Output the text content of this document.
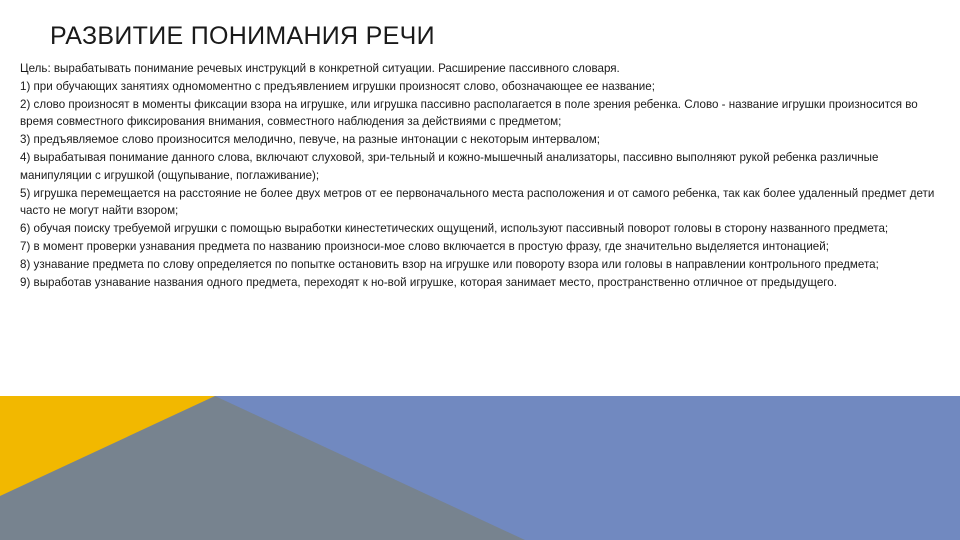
РАЗВИТИЕ ПОНИМАНИЯ РЕЧИ

Цель: вырабатывать понимание речевых инструкций в конкретной ситуации. Расширение пассивного словаря.

1) при обучающих занятиях одномоментно с предъявлением игрушки произносят слово, обозначающее ее название;

2) слово произносят в моменты фиксации взора на игрушке, или игрушка пассивно располагается в поле зрения ребенка. Слово - название игрушки произносится во время совместного фиксирования внимания, совместного наблюдения за действиями с предметом;

3) предъявляемое слово произносится мелодично, певуче, на разные интонации с некоторым интервалом;

4) вырабатывая понимание данного слова, включают слуховой, зри-тельный и кожно-мышечный анализаторы, пассивно выполняют рукой ребенка различные манипуляции с игрушкой (ощупывание, поглаживание);

5) игрушка перемещается на расстояние не более двух метров от ее первоначального места расположения и от самого ребенка, так как более удаленный предмет дети часто не могут найти взором;

6) обучая поиску требуемой игрушки с помощью выработки кинестетических ощущений, используют пассивный поворот головы в сторону названного предмета;

7) в момент проверки узнавания предмета по названию произноси-мое слово включается в простую фразу, где значительно выделяется интонацией;

8) узнавание предмета по слову определяется по попытке остановить взор на игрушке или повороту взора или головы в направлении контрольного предмета;

9) выработав узнавание названия одного предмета, переходят к но-вой игрушке, которая занимает место, пространственно отличное от предыдущего.
